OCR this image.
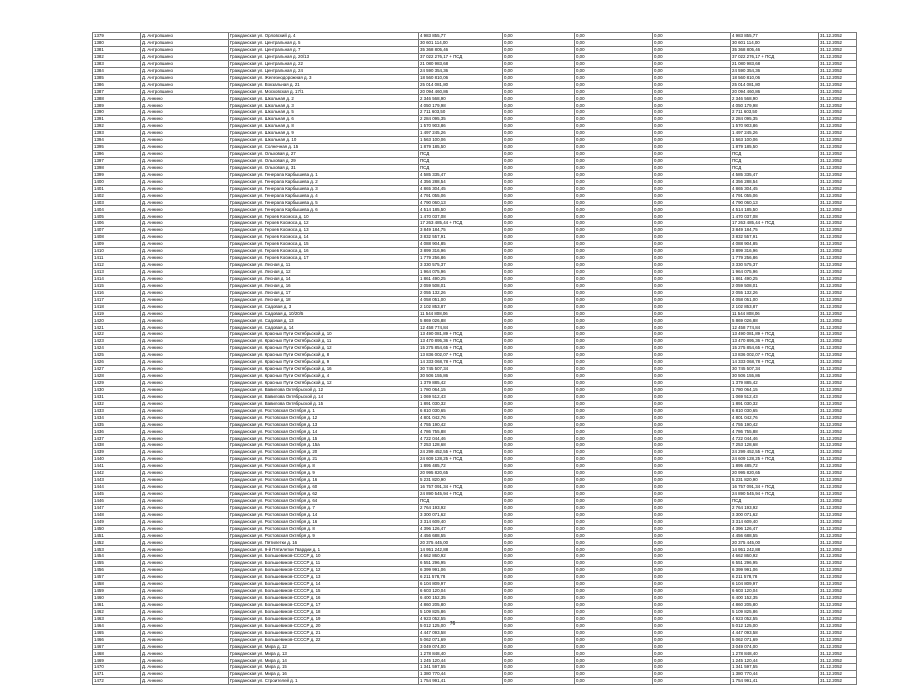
1379	Д. Антропшино	Гражданская ул. Орловский д. 4	4 983 855,77	0,00	0,00	0,00	4 983 855,77	31.12.2052
1380	Д. Антропшино	Гражданская ул. Центральная д. 5	30 601 114,00	0,00	0,00	0,00	30 601 114,00	31.12.2052
1381	Д. Антропшино	Гражданская ул. Центральная д. 7	35 368 805,46	0,00	0,00	0,00	35 368 805,46	31.12.2052
1382	Д. Антропшино	Гражданская ул. Центральная д. 20/13	37 022 276,17 + ПСД	0,00	0,00	0,00	37 022 276,17 + ПСД	31.12.2052
1383	Д. Антропшино	Гражданская ул. Центральная д. 22	21 080 983,68	0,00	0,00	0,00	21 080 983,68	31.12.2052
1384	Д. Антропшино	Гражданская ул. Центральная д. 24	24 590 354,36	0,00	0,00	0,00	24 590 354,36	31.12.2052
1385	Д. Антропшино	Гражданская ул. Железнодорожная д. 3	18 560 810,06	0,00	0,00	0,00	18 560 810,06	31.12.2052
1386	Д. Антропшино	Гражданская ул. Вокзальная д. 21	25 014 081,80	0,00	0,00	0,00	25 014 081,80	31.12.2052
1387	Д. Антропшино	Гражданская ул. Московская д. 17/1	20 094 460,86	0,00	0,00	0,00	20 094 460,86	31.12.2052
1388	Д. Аннино	Гражданская ул. Школьная д. 2	2 346 568,90	0,00	0,00	0,00	2 346 568,90	31.12.2052
1389	Д. Аннино	Гражданская ул. Школьная д. 3	4 050 179,98	0,00	0,00	0,00	4 050 179,98	31.12.2052
1390	Д. Аннино	Гражданская ул. Школьная д. 5	2 711 603,50	0,00	0,00	0,00	2 711 603,50	31.12.2052
1391	Д. Аннино	Гражданская ул. Школьная д. 6	2 284 095,35	0,00	0,00	0,00	2 284 095,35	31.12.2052
1392	Д. Аннино	Гражданская ул. Школьная д. 8	1 570 903,86	0,00	0,00	0,00	1 570 903,86	31.12.2052
1393	Д. Аннино	Гражданская ул. Школьная д. 9	1 497 245,26	0,00	0,00	0,00	1 497 245,26	31.12.2052
1394	Д. Аннино	Гражданская ул. Школьная д. 10	1 563 100,06	0,00	0,00	0,00	1 563 100,06	31.12.2052
1395	Д. Аннино	Гражданская ул. Солнечная д. 15	1 879 185,50	0,00	0,00	0,00	1 879 185,50	31.12.2052
1396	Д. Аннино	Гражданская ул. Ольховая д. 27	ПСД	0,00	0,00	0,00	ПСД	31.12.2052
1397	Д. Аннино	Гражданская ул. Ольховая д. 29	ПСД	0,00	0,00	0,00	ПСД	31.12.2052
1398	Д. Аннино	Гражданская ул. Ольховая д. 31	ПСД	0,00	0,00	0,00	ПСД	31.12.2052
1399	Д. Аннино	Гражданская ул. Генерала Карбышева д. 1	4 585 335,47	0,00	0,00	0,00	4 585 335,47	31.12.2052
1400	Д. Аннино	Гражданская ул. Генерала Карбышева д. 2	4 356 288,54	0,00	0,00	0,00	4 356 288,54	31.12.2052
1401	Д. Аннино	Гражданская ул. Генерала Карбышева д. 3	4 865 304,45	0,00	0,00	0,00	4 865 304,45	31.12.2052
1402	Д. Аннино	Гражданская ул. Генерала Карбышева д. 4	4 791 055,06	0,00	0,00	0,00	4 791 055,06	31.12.2052
1403	Д. Аннино	Гражданская ул. Генерала Карбышева д. 5	4 790 060,13	0,00	0,00	0,00	4 790 060,13	31.12.2052
1404	Д. Аннино	Гражданская ул. Генерала Карбышева д. 6	4 514 185,50	0,00	0,00	0,00	4 514 185,50	31.12.2052
1405	Д. Аннино	Гражданская ул. Героев Космоса д. 10	1 470 037,08	0,00	0,00	0,00	1 470 037,08	31.12.2052
1406	Д. Аннино	Гражданская ул. Героев Космоса д. 12	17 263 485,44 + ПСД	0,00	0,00	0,00	17 263 485,44 + ПСД	31.12.2052
1407	Д. Аннино	Гражданская ул. Героев Космоса д. 13	3 849 184,75	0,00	0,00	0,00	3 849 184,75	31.12.2052
1408	Д. Аннино	Гражданская ул. Героев Космоса д. 14	3 832 557,91	0,00	0,00	0,00	3 832 557,91	31.12.2052
1409	Д. Аннино	Гражданская ул. Героев Космоса д. 15	4 088 904,85	0,00	0,00	0,00	4 088 904,85	31.12.2052
1410	Д. Аннино	Гражданская ул. Героев Космоса д. 16	3 899 316,96	0,00	0,00	0,00	3 899 316,96	31.12.2052
1411	Д. Аннино	Гражданская ул. Героев Космоса д. 17	1 779 256,86	0,00	0,00	0,00	1 779 256,86	31.12.2052
1412	Д. Аннино	Гражданская ул. Лесная д. 11	3 330 575,37	0,00	0,00	0,00	3 330 575,37	31.12.2052
1413	Д. Аннино	Гражданская ул. Лесная д. 12	1 964 075,96	0,00	0,00	0,00	1 964 075,96	31.12.2052
1414	Д. Аннино	Гражданская ул. Лесная д. 14	1 861 490,25	0,00	0,00	0,00	1 861 490,25	31.12.2052
1415	Д. Аннино	Гражданская ул. Лесная д. 16	2 059 508,01	0,00	0,00	0,00	2 059 508,01	31.12.2052
1416	Д. Аннино	Гражданская ул. Лесная д. 17	2 055 132,26	0,00	0,00	0,00	2 055 132,26	31.12.2052
1417	Д. Аннино	Гражданская ул. Лесная д. 18	4 058 051,00	0,00	0,00	0,00	4 058 051,00	31.12.2052
1418	Д. Аннино	Гражданская ул. Садовая д. 3	2 102 853,87	0,00	0,00	0,00	2 102 853,87	31.12.2052
1419	Д. Аннино	Гражданская ул. Садовая д. 10/20/5	11 544 808,06	0,00	0,00	0,00	11 544 808,06	31.12.2052
1420	Д. Аннино	Гражданская ул. Садовая д. 13	5 869 026,88	0,00	0,00	0,00	5 869 026,88	31.12.2052
1421	Д. Аннино	Гражданская ул. Садовая д. 14	12 458 774,84	0,00	0,00	0,00	12 458 774,84	31.12.2052
1422	Д. Аннино	Гражданская ул. Красных Пути Октябрьской д. 10	13 490 081,89 + ПСД	0,00	0,00	0,00	13 490 081,89 + ПСД	31.12.2052
1423	Д. Аннино	Гражданская ул. Красных Пути Октябрьской д. 11	13 470 895,36 + ПСД	0,00	0,00	0,00	13 470 895,36 + ПСД	31.12.2052
1424	Д. Аннино	Гражданская ул. Красных Пути Октябрьской д. 12	15 275 854,65 + ПСД	0,00	0,00	0,00	15 275 854,65 + ПСД	31.12.2052
1425	Д. Аннино	Гражданская ул. Красных Пути Октябрьской д. 8	13 836 002,07 + ПСД	0,00	0,00	0,00	13 836 002,07 + ПСД	31.12.2052
1426	Д. Аннино	Гражданская ул. Красных Пути Октябрьской д. 9	14 333 068,78 + ПСД	0,00	0,00	0,00	14 333 068,78 + ПСД	31.12.2052
1427	Д. Аннино	Гражданская ул. Красных Пути Октябрьской д. 16	30 745 507,34	0,00	0,00	0,00	30 745 507,34	31.12.2052
1428	Д. Аннино	Гражданская ул. Красных Пути Октябрьской д. 4	30 506 155,86	0,00	0,00	0,00	30 506 155,86	31.12.2052
1429	Д. Аннино	Гражданская ул. Красных Пути Октябрьской д. 12	1 379 885,42	0,00	0,00	0,00	1 379 885,42	31.12.2052
1430	Д. Аннино	Гражданская ул. Вавилова Октябрьской д. 12	1 780 064,15	0,00	0,00	0,00	1 780 064,15	31.12.2052
1431	Д. Аннино	Гражданская ул. Вавилова Октябрьской д. 14	1 069 512,43	0,00	0,00	0,00	1 069 512,43	31.12.2052
1432	Д. Аннино	Гражданская ул. Вавилова Октябрьской д. 15	1 891 030,32	0,00	0,00	0,00	1 891 030,32	31.12.2052
1433	Д. Аннино	Гражданская ул. Ростовская Октября д. 1	6 810 030,65	0,00	0,00	0,00	6 810 030,65	31.12.2052
1434	Д. Аннино	Гражданская ул. Ростовская Октября д. 12	4 801 042,76	0,00	0,00	0,00	4 801 042,76	31.12.2052
1435	Д. Аннино	Гражданская ул. Ростовская Октября д. 13	4 755 190,42	0,00	0,00	0,00	4 755 190,42	31.12.2052
1436	Д. Аннино	Гражданская ул. Ростовская Октября д. 14	4 786 755,88	0,00	0,00	0,00	4 786 755,88	31.12.2052
1437	Д. Аннино	Гражданская ул. Ростовская Октября д. 15	4 722 044,46	0,00	0,00	0,00	4 722 044,46	31.12.2052
1438	Д. Аннино	Гражданская ул. Ростовская Октября д. 15а	7 253 128,68	0,00	0,00	0,00	7 253 128,68	31.12.2052
1439	Д. Аннино	Гражданская ул. Ростовская Октября д. 20	24 299 452,55 + ПСД	0,00	0,00	0,00	24 299 452,55 + ПСД	31.12.2052
1440	Д. Аннино	Гражданская ул. Ростовская Октября д. 21	24 609 128,25 + ПСД	0,00	0,00	0,00	24 609 128,25 + ПСД	31.12.2052
1441	Д. Аннино	Гражданская ул. Ростовская Октября д. 8	1 895 485,72	0,00	0,00	0,00	1 895 485,72	31.12.2052
1442	Д. Аннино	Гражданская ул. Ростовская Октября д. 9	20 995 820,65	0,00	0,00	0,00	20 995 820,65	31.12.2052
1443	Д. Аннино	Гражданская ул. Ростовская Октября д. 16	5 231 820,90	0,00	0,00	0,00	5 231 820,90	31.12.2052
1444	Д. Аннино	Гражданская ул. Ростовская Октября д. 60	16 757 091,34 + ПСД	0,00	0,00	0,00	16 757 091,34 + ПСД	31.12.2052
1445	Д. Аннино	Гражданская ул. Ростовская Октября д. 62	24 890 545,94 + ПСД	0,00	0,00	0,00	24 890 545,94 + ПСД	31.12.2052
1446	Д. Аннино	Гражданская ул. Ростовская Октября д. 64	ПСД	0,00	0,00	0,00	ПСД	31.12.2052
1447	Д. Аннино	Гражданская ул. Ростовская Октября д. 7	2 764 193,92	0,00	0,00	0,00	2 764 193,92	31.12.2052
1448	Д. Аннино	Гражданская ул. Ростовская Октября д. 14	3 300 071,62	0,00	0,00	0,00	3 300 071,62	31.12.2052
1449	Д. Аннино	Гражданская ул. Ростовская Октября д. 16	3 314 609,40	0,00	0,00	0,00	3 314 609,40	31.12.2052
1450	Д. Аннино	Гражданская ул. Ростовская Октября д. 8	4 396 126,47	0,00	0,00	0,00	4 396 126,47	31.12.2052
1451	Д. Аннино	Гражданская ул. Ростовская Октября д. 9	4 456 688,55	0,00	0,00	0,00	4 456 688,55	31.12.2052
1452	Д. Аннино	Гражданская ул. Пятилетки д. 16	20 375 445,00	0,00	0,00	0,00	20 375 445,00	31.12.2052
1453	Д. Аннино	Гражданская ул. 9-й Пятилетки Гвардии д. 1	14 951 242,88	0,00	0,00	0,00	14 951 242,88	31.12.2052
1454	Д. Аннино	Гражданская ул. Большевиков-ССССР д. 10	4 662 860,92	0,00	0,00	0,00	4 662 860,92	31.12.2052
1455	Д. Аннино	Гражданская ул. Большевиков-ССССР д. 11	6 551 296,95	0,00	0,00	0,00	6 551 296,95	31.12.2052
1456	Д. Аннино	Гражданская ул. Большевиков-ССССР д. 12	6 399 991,06	0,00	0,00	0,00	6 399 991,06	31.12.2052
1457	Д. Аннино	Гражданская ул. Большевиков-ССССР д. 13	6 211 578,78	0,00	0,00	0,00	6 211 578,78	31.12.2052
1458	Д. Аннино	Гражданская ул. Большевиков-ССССР д. 14	6 104 809,97	0,00	0,00	0,00	6 104 809,97	31.12.2052
1459	Д. Аннино	Гражданская ул. Большевиков-ССССР д. 15	6 603 120,04	0,00	0,00	0,00	6 603 120,04	31.12.2052
1460	Д. Аннино	Гражданская ул. Большевиков-ССССР д. 16	6 400 152,35	0,00	0,00	0,00	6 400 152,35	31.12.2052
1461	Д. Аннино	Гражданская ул. Большевиков-ССССР д. 17	4 860 205,80	0,00	0,00	0,00	4 860 205,80	31.12.2052
1462	Д. Аннино	Гражданская ул. Большевиков-ССССР д. 18	5 109 825,86	0,00	0,00	0,00	5 109 825,86	31.12.2052
1463	Д. Аннино	Гражданская ул. Большевиков-ССССР д. 19	4 923 052,55	0,00	0,00	0,00	4 923 052,55	31.12.2052
1464	Д. Аннино	Гражданская ул. Большевиков-ССССР д. 20	5 012 125,00	0,00	0,00	0,00	5 012 125,00	31.12.2052
1465	Д. Аннино	Гражданская ул. Большевиков-ССССР д. 21	4 447 093,58	0,00	0,00	0,00	4 447 093,58	31.12.2052
1466	Д. Аннино	Гражданская ул. Большевиков-ССССР д. 22	5 062 071,69	0,00	0,00	0,00	5 062 071,69	31.12.2052
1467	Д. Аннино	Гражданская ул. Мира д. 12	3 049 074,00	0,00	0,00	0,00	3 049 074,00	31.12.2052
1468	Д. Аннино	Гражданская ул. Мира д. 13	1 278 848,40	0,00	0,00	0,00	1 278 848,40	31.12.2052
1469	Д. Аннино	Гражданская ул. Мира д. 14	1 245 120,44	0,00	0,00	0,00	1 245 120,44	31.12.2052
1470	Д. Аннино	Гражданская ул. Мира д. 15	1 341 597,55	0,00	0,00	0,00	1 341 597,55	31.12.2052
1471	Д. Аннино	Гражданская ул. Мира д. 16	1 380 770,44	0,00	0,00	0,00	1 380 770,44	31.12.2052
1472	Д. Аннино	Гражданская ул. Строителей д. 1	1 754 991,41	0,00	0,00	0,00	1 754 991,41	31.12.2052
76
